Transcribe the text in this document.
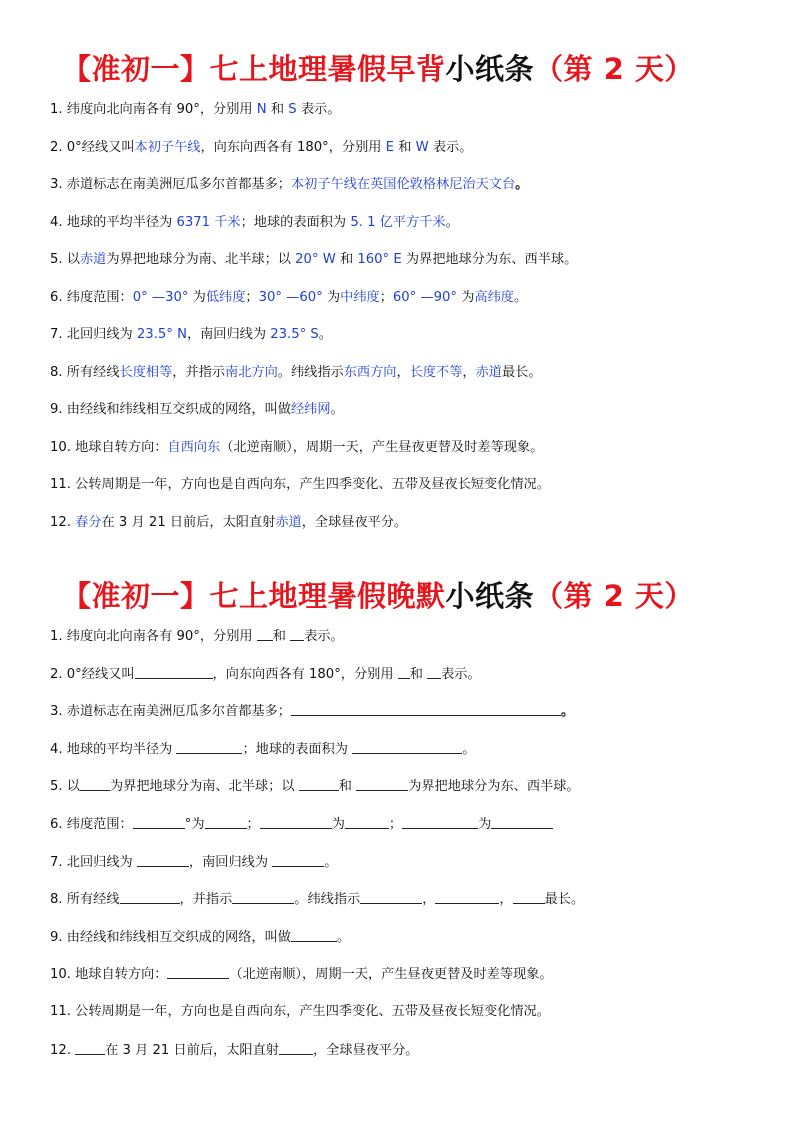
【准初一】七上地理暑假早背小纸条（第 2 天）
1. 纬度向北向南各有 90°，分别用 N 和 S 表示。
2. 0°经线又叫本初子午线，向东向西各有 180°，分别用 E 和 W 表示。
3. 赤道标志在南美洲厄瓜多尔首都基多；本初子午线在英国伦敦格林尼治天文台。
4. 地球的平均半径为 6371 千米；地球的表面积为 5. 1 亿平方千米。
5. 以赤道为界把地球分为南、北半球；以 20° W 和 160° E 为界把地球分为东、西半球。
6. 纬度范围：0° —30° 为低纬度；30° —60° 为中纬度；60° —90° 为高纬度。
7. 北回归线为 23.5° N，南回归线为 23.5° S。
8. 所有经线长度相等，并指示南北方向。纬线指示东西方向，长度不等，赤道最长。
9. 由经线和纬线相互交织成的网络，叫做经纬网。
10. 地球自转方向：自西向东（北逆南顺），周期一天，产生昼夜更替及时差等现象。
11. 公转周期是一年，方向也是自西向东，产生四季变化、五带及昼夜长短变化情况。
12. 春分在 3 月 21 日前后，太阳直射赤道，全球昼夜平分。
【准初一】七上地理暑假晚默小纸条（第 2 天）
1. 纬度向北向南各有 90°，分别用 和 表示。
2. 0°经线又叫	，向东向西各有 180°，分别用 和 表示。
3. 赤道标志在南美洲厄瓜多尔首都基多；	。
4. 地球的平均半径为	；地球的表面积为	。
5. 以 为界把地球分为南、北半球；以	和	为界把地球分为东、西半球。
6. 纬度范围：	°为	；	为	；	为
7. 北回归线为	，南回归线为	。
8. 所有经线	，并指示	。纬线指示	，	， 最长。
9. 由经线和纬线相互交织成的网络，叫做	。
10. 地球自转方向：	（北逆南顺），周期一天，产生昼夜更替及时差等现象。
11. 公转周期是一年，方向也是自西向东，产生四季变化、五带及昼夜长短变化情况。
12. 在 3 月 21 日前后，太阳直射	，全球昼夜平分。
